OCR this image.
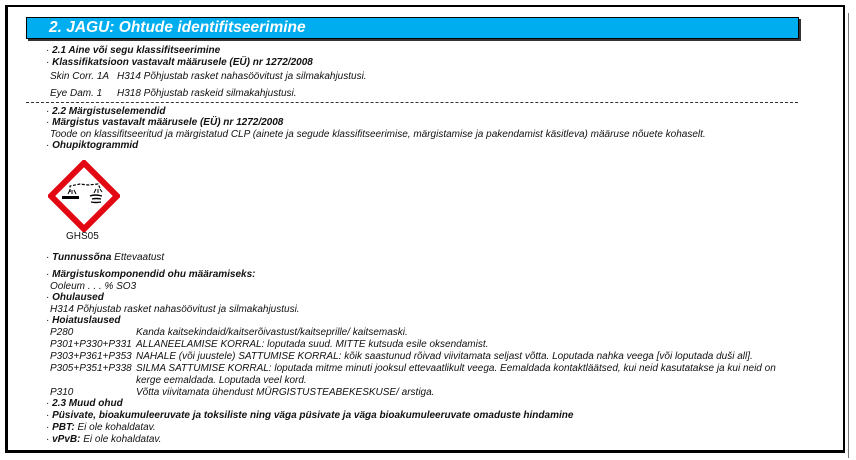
2. JAGU: Ohtude identifitseerimine
· 2.1 Aine või segu klassifitseerimine
· Klassifikatsioon vastavalt määrusele (EÜ) nr 1272/2008
Skin Corr. 1A H314 Põhjustab rasket nahasöövitust ja silmakahjustusi.
Eye Dam. 1 H318 Põhjustab raskeid silmakahjustusi.
· 2.2 Märgistuselemendid
· Märgistus vastavalt määrusele (EÜ) nr 1272/2008
Toode on klassifitseeritud ja märgistatud CLP (ainete ja segude klassifitseerimise, märgistamise ja pakendamist käsitleva) määruse nõuete kohaselt.
· Ohupiktogrammid
GHS05
· Tunnussõna Ettevaatust
· Märgistuskomponendid ohu määramiseks:
Ooleum . . . % SO3
· Ohulaused
H314 Põhjustab rasket nahasöövitust ja silmakahjustusi.
· Hoiatuslaused
P280	Kanda kaitsekindaid/kaitserõivastust/kaitseprille/ kaitsemaski.
P301+P330+P331 ALLANEELAMISE KORRAL: loputada suud. MITTE kutsuda esile oksendamist.
P303+P361+P353 NAHALE (või juustele) SATTUMISE KORRAL: kõik saastunud rõivad viivitamata seljast võtta. Loputada nahka veega [või loputada duši all].
P305+P351+P338 SILMA SATTUMISE KORRAL: loputada mitme minuti jooksul ettevaatlikult veega. Eemaldada kontaktläätsed, kui neid kasutatakse ja kui neid on
kerge eemaldada. Loputada veel kord.
P310	Võtta viivitamata ühendust MÜRGISTUSTEABEKESKUSE/ arstiga.
· 2.3 Muud ohud
· Püsivate, bioakumuleeruvate ja toksiliste ning väga püsivate ja väga bioakumuleeruvate omaduste hindamine
· PBT: Ei ole kohaldatav.
· vPvB: Ei ole kohaldatav.
